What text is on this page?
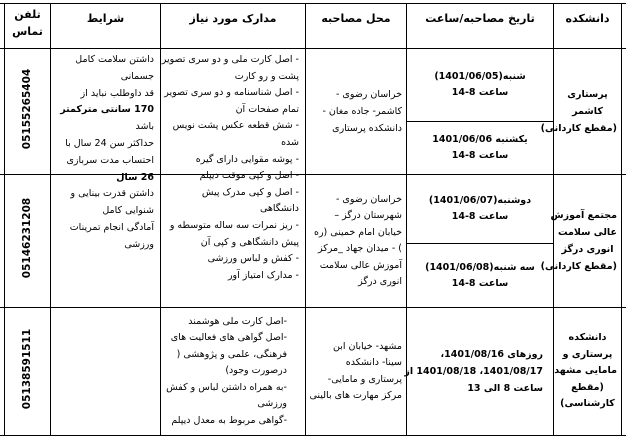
دانشکده
تاریخ مصاحبه/ساعت
محل مصاحبه
مدارک مورد نیاز
شرایط
تلفن
تماس
پرستاری
کاشمر
(مقطع کاردانی)
شنبه(1401/06/05)
ساعت 8-14
یکشنبه 1401/06/06
ساعت 8-14
خراسان رضوی -
کاشمر- جاده مغان -
دانشکده پرستاری
05155265404
- اصل کارت ملی و دو سری تصویر
پشت و رو کارت
- اصل شناسنامه و دو سری تصویر
تمام صفحات آن
- شش قطعه عکس پشت نویس
شده
- پوشه مقوایی دارای گیره
- اصل و کپی موقت دیپلم
- اصل و کپی مدرک پیش
دانشگاهی
- ریز نمرات سه ساله متوسطه و
پیش دانشگاهی و کپی آن
- کفش و لباس ورزشی
- مدارک امتیاز آور
داشتن سلامت کامل
جسمانی
قد داوطلب نباید از
170 سانتی مترکمتر
باشد
حداکثر سن 24 سال با
احتساب مدت سربازی
26 سال
داشتن قدرت بینایی و
شنوایی کامل
آمادگی انجام تمرینات
ورزشی
مجتمع آموزش
عالی سلامت
انوری درگز
(مقطع کاردانی)
دوشنبه(1401/06/07)
ساعت 8-14
سه شنبه(1401/06/08)
ساعت 8-14
خراسان رضوی -
شهرستان درگز –
خیابان امام خمینی (ره
) - میدان جهاد _مرکز
آموزش عالی سلامت
انوری درگز
05146231208
دانشکده
پرستاری و
مامایی مشهد
(مقطع
کارشناسی)
روزهای 1401/08/16،
1401/08/17، 1401/08/18 از
ساعت 8 الی 13
مشهد- خیابان ابن
سینا- دانشکده
پرستاری و مامایی-
مرکز مهارت های بالینی
-اصل کارت ملی هوشمند
-اصل گواهی های فعالیت های
فرهنگی، علمی و پژوهشی (
درصورت وجود)
-به همراه داشتن لباس و کفش
ورزشی
-گواهی مربوط به معدل دیپلم
05138591511
